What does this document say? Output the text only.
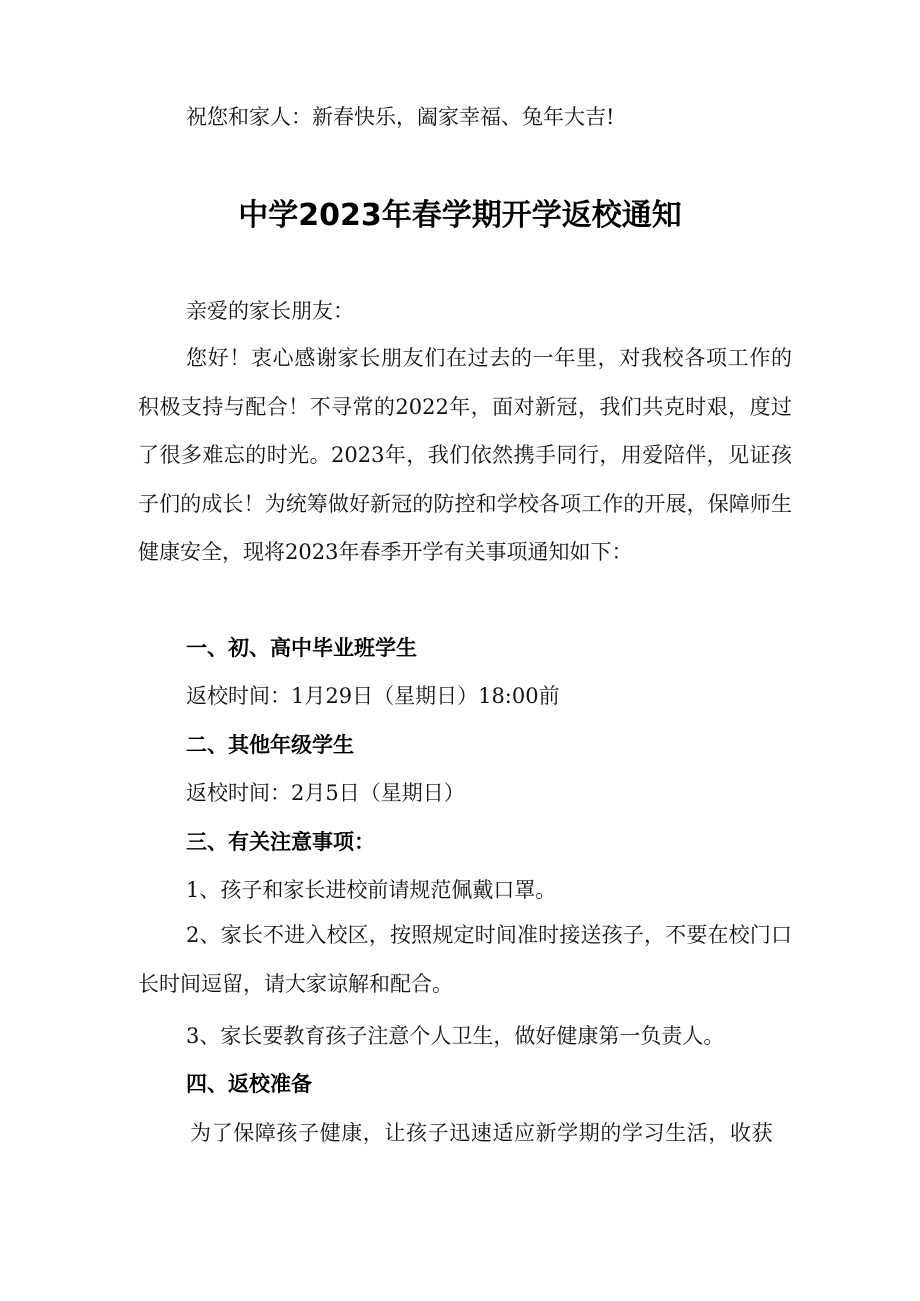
祝您和家人：新春快乐，阖家幸福、兔年大吉!
中学2023年春学期开学返校通知
亲爱的家长朋友：
您好！衷心感谢家长朋友们在过去的一年里，对我校各项工作的积极支持与配合！不寻常的2022年，面对新冠，我们共克时艰，度过了很多难忘的时光。2023年，我们依然携手同行，用爱陪伴，见证孩子们的成长！为统筹做好新冠的防控和学校各项工作的开展，保障师生健康安全，现将2023年春季开学有关事项通知如下：
一、初、高中毕业班学生
返校时间：1月29日（星期日）18:00前
二、其他年级学生
返校时间：2月5日（星期日）
三、有关注意事项：
1、孩子和家长进校前请规范佩戴口罩。
2、家长不进入校区，按照规定时间准时接送孩子，不要在校门口长时间逗留，请大家谅解和配合。
3、家长要教育孩子注意个人卫生，做好健康第一负责人。
四、返校准备
为了保障孩子健康，让孩子迅速适应新学期的学习生活，收获
